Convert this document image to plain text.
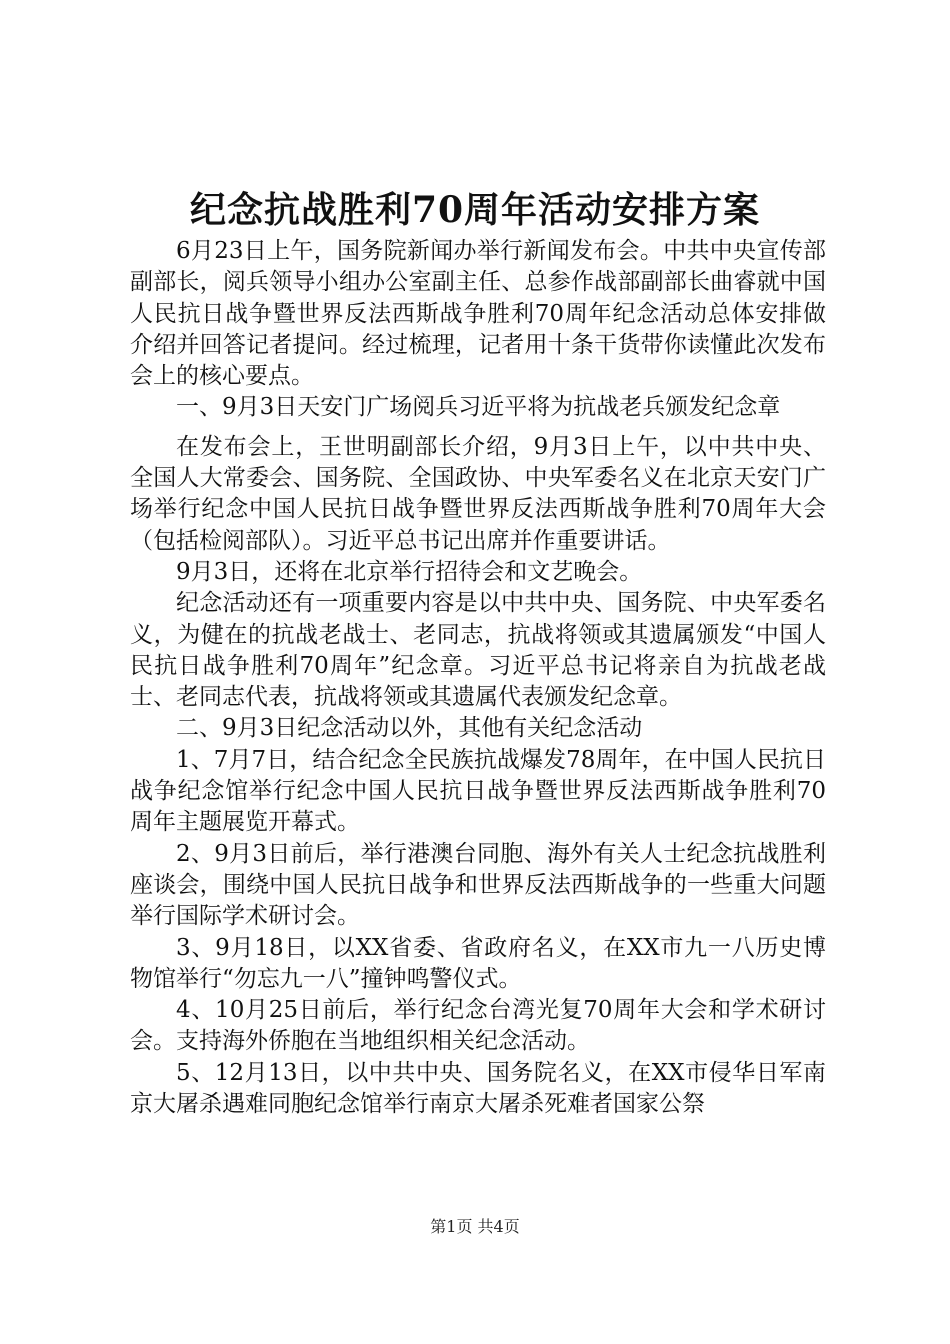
纪念抗战胜利70周年活动安排方案

6月23日上午，国务院新闻办举行新闻发布会。中共中央宣传部副部长，阅兵领导小组办公室副主任、总参作战部副部长曲睿就中国人民抗日战争暨世界反法西斯战争胜利70周年纪念活动总体安排做介绍并回答记者提问。经过梳理，记者用十条干货带你读懂此次发布会上的核心要点。

一、9月3日天安门广场阅兵习近平将为抗战老兵颁发纪念章

在发布会上，王世明副部长介绍，9月3日上午，以中共中央、全国人大常委会、国务院、全国政协、中央军委名义在北京天安门广场举行纪念中国人民抗日战争暨世界反法西斯战争胜利70周年大会（包括检阅部队）。习近平总书记出席并作重要讲话。

9月3日，还将在北京举行招待会和文艺晚会。

纪念活动还有一项重要内容是以中共中央、国务院、中央军委名义，为健在的抗战老战士、老同志，抗战将领或其遗属颁发“中国人民抗日战争胜利70周年”纪念章。习近平总书记将亲自为抗战老战士、老同志代表，抗战将领或其遗属代表颁发纪念章。

二、9月3日纪念活动以外，其他有关纪念活动

1、7月7日，结合纪念全民族抗战爆发78周年，在中国人民抗日战争纪念馆举行纪念中国人民抗日战争暨世界反法西斯战争胜利70周年主题展览开幕式。

2、9月3日前后，举行港澳台同胞、海外有关人士纪念抗战胜利座谈会，围绕中国人民抗日战争和世界反法西斯战争的一些重大问题举行国际学术研讨会。

3、9月18日，以XX省委、省政府名义，在XX市九一八历史博物馆举行“勿忘九一八”撞钟鸣警仪式。

4、10月25日前后，举行纪念台湾光复70周年大会和学术研讨会。支持海外侨胞在当地组织相关纪念活动。

5、12月13日，以中共中央、国务院名义，在XX市侵华日军南京大屠杀遇难同胞纪念馆举行南京大屠杀死难者国家公祭

第1页 共4页
